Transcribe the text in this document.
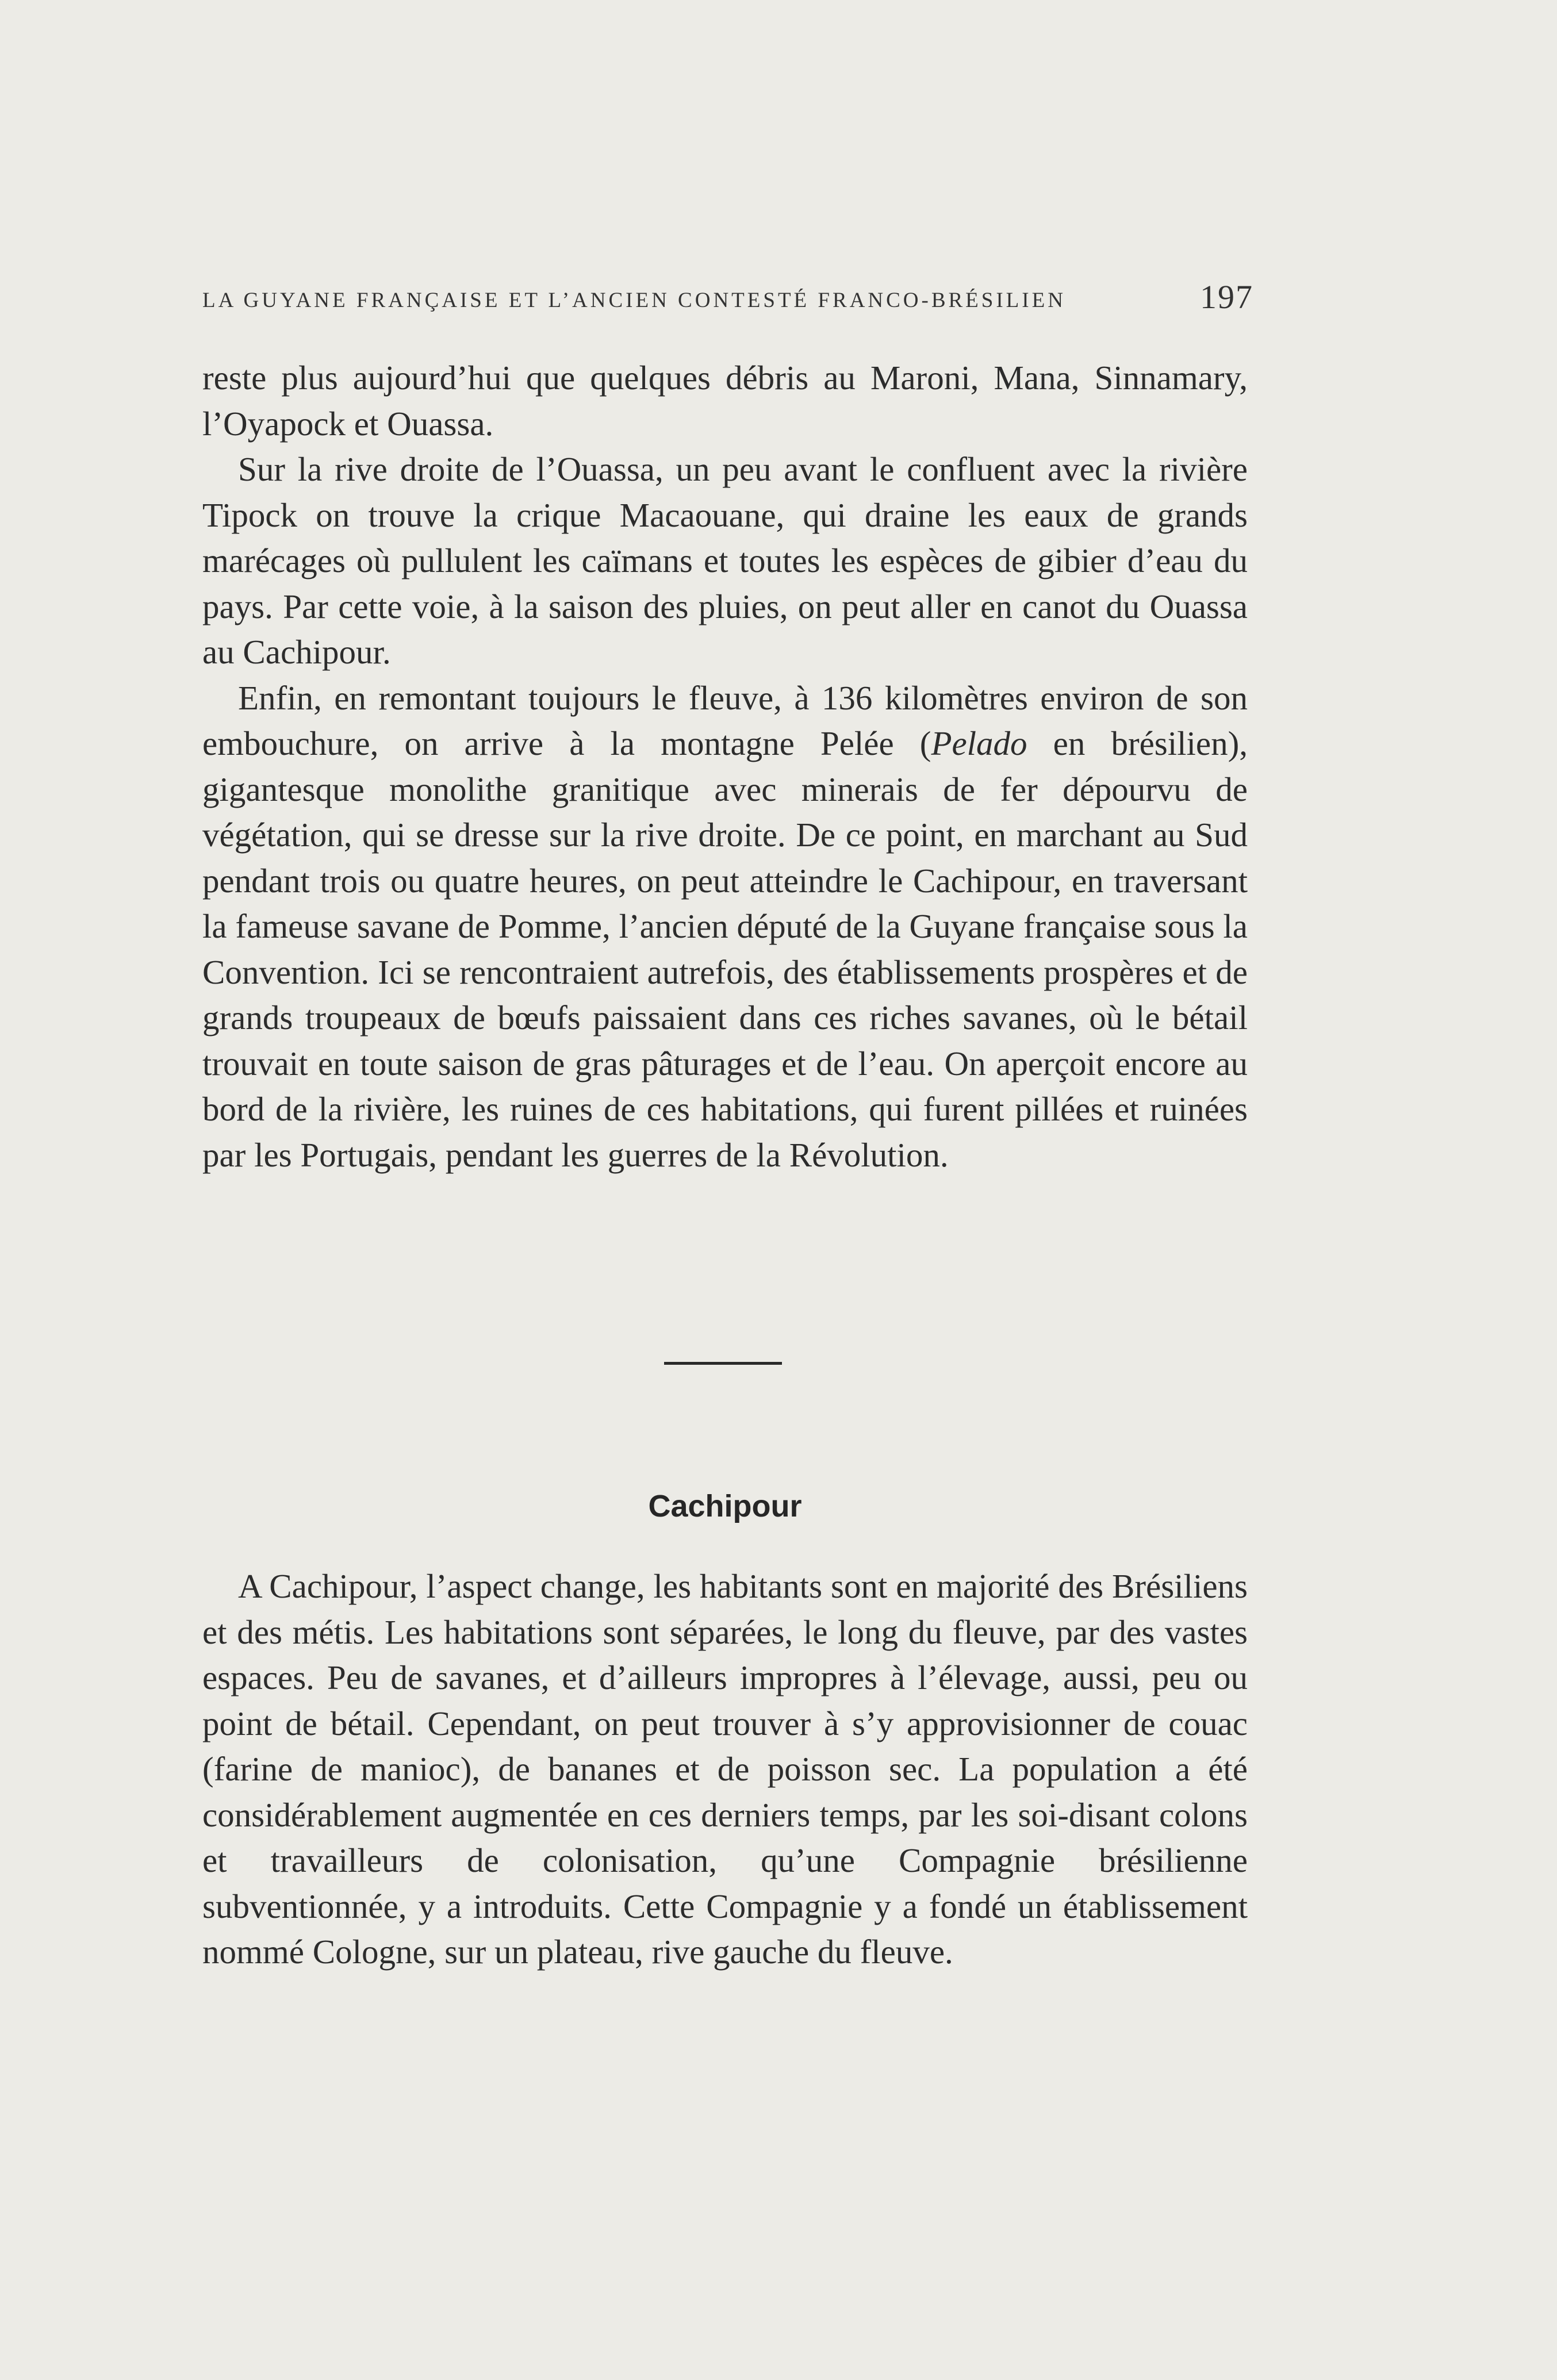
LA GUYANE FRANÇAISE ET L’ANCIEN CONTESTÉ FRANCO-BRÉSILIEN	197

reste plus aujourd’hui que quelques débris au Maroni, Mana, Sinnamary, l’Oyapock et Ouassa.

Sur la rive droite de l’Ouassa, un peu avant le confluent avec la rivière Tipock on trouve la crique Macaouane, qui draine les eaux de grands marécages où pullulent les caïmans et toutes les espèces de gibier d’eau du pays. Par cette voie, à la saison des pluies, on peut aller en canot du Ouassa au Cachipour.

Enfin, en remontant toujours le fleuve, à 136 kilomètres environ de son embouchure, on arrive à la montagne Pelée (Pelado en brésilien), gigantesque monolithe granitique avec minerais de fer dépourvu de végétation, qui se dresse sur la rive droite. De ce point, en marchant au Sud pendant trois ou quatre heures, on peut atteindre le Cachipour, en traversant la fameuse savane de Pomme, l’ancien député de la Guyane française sous la Convention. Ici se rencontraient autrefois, des établissements prospères et de grands troupeaux de bœufs paissaient dans ces riches savanes, où le bétail trouvait en toute saison de gras pâturages et de l’eau. On aperçoit encore au bord de la rivière, les ruines de ces habitations, qui furent pillées et ruinées par les Portugais, pendant les guerres de la Révolution.

Cachipour

A Cachipour, l’aspect change, les habitants sont en majorité des Brésiliens et des métis. Les habitations sont séparées, le long du fleuve, par des vastes espaces. Peu de savanes, et d’ailleurs impropres à l’élevage, aussi, peu ou point de bétail. Cependant, on peut trouver à s’y approvisionner de couac (farine de manioc), de bananes et de poisson sec. La population a été considérablement augmentée en ces derniers temps, par les soi-disant colons et travailleurs de colonisation, qu’une Compagnie brésilienne subventionnée, y a introduits. Cette Compagnie y a fondé un établissement nommé Cologne, sur un plateau, rive gauche du fleuve.
